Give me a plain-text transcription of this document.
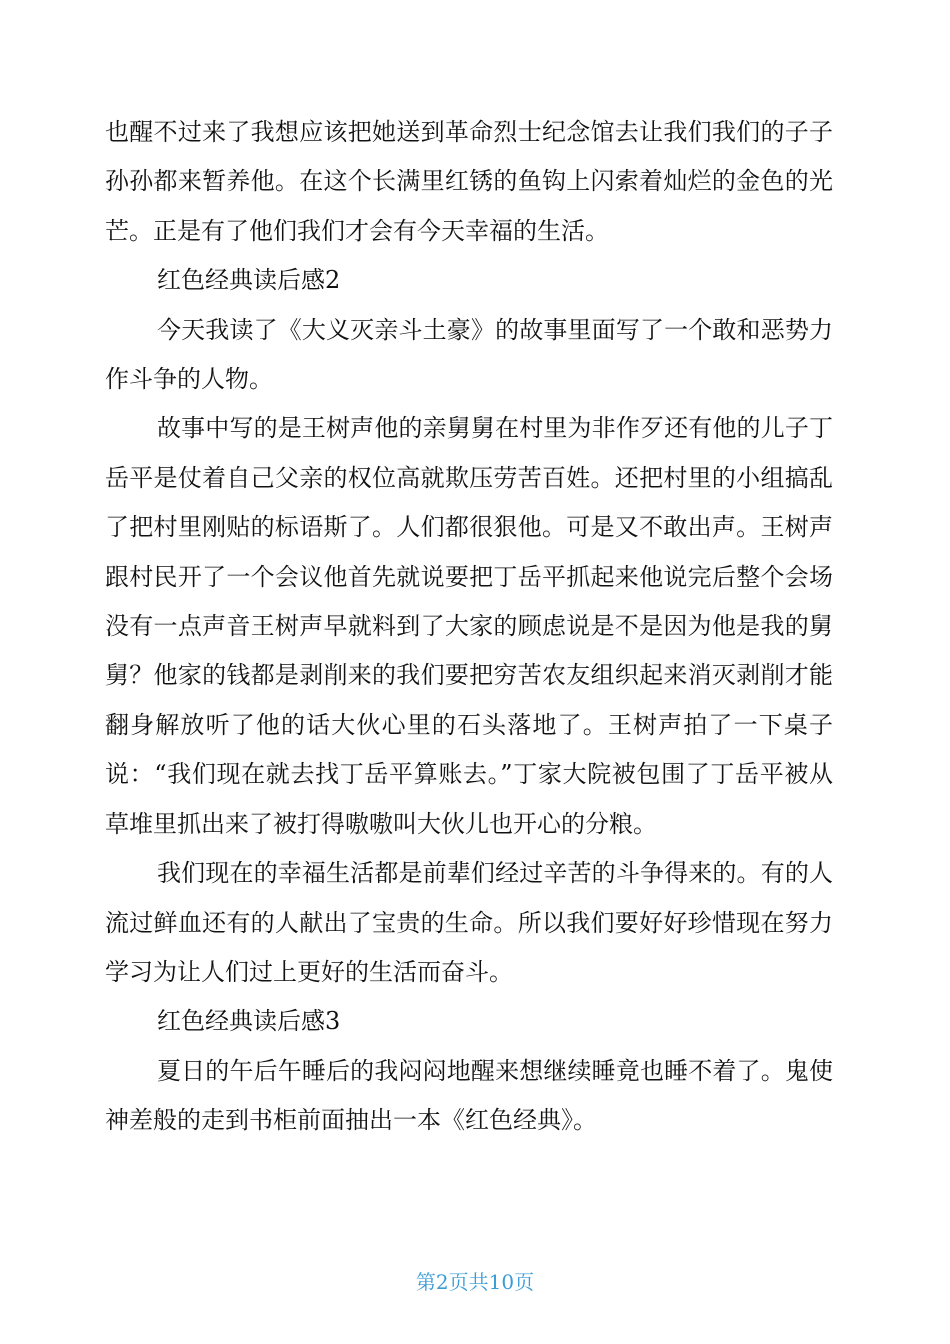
也醒不过来了我想应该把她送到革命烈士纪念馆去让我们我们的子子孙孙都来暂养他。在这个长满里红锈的鱼钩上闪索着灿烂的金色的光芒。正是有了他们我们才会有今天幸福的生活。

红色经典读后感2

今天我读了《大义灭亲斗土豪》的故事里面写了一个敢和恶势力作斗争的人物。

故事中写的是王树声他的亲舅舅在村里为非作歹还有他的儿子丁岳平是仗着自己父亲的权位高就欺压劳苦百姓。还把村里的小组搞乱了把村里刚贴的标语斯了。人们都很狠他。可是又不敢出声。王树声跟村民开了一个会议他首先就说要把丁岳平抓起来他说完后整个会场没有一点声音王树声早就料到了大家的顾虑说是不是因为他是我的舅舅？他家的钱都是剥削来的我们要把穷苦农友组织起来消灭剥削才能翻身解放听了他的话大伙心里的石头落地了。王树声拍了一下桌子说：“我们现在就去找丁岳平算账去。”丁家大院被包围了丁岳平被从草堆里抓出来了被打得嗷嗷叫大伙儿也开心的分粮。

我们现在的幸福生活都是前辈们经过辛苦的斗争得来的。有的人流过鲜血还有的人献出了宝贵的生命。所以我们要好好珍惜现在努力学习为让人们过上更好的生活而奋斗。

红色经典读后感3

夏日的午后午睡后的我闷闷地醒来想继续睡竟也睡不着了。鬼使神差般的走到书柜前面抽出一本《红色经典》。

第2页共10页
